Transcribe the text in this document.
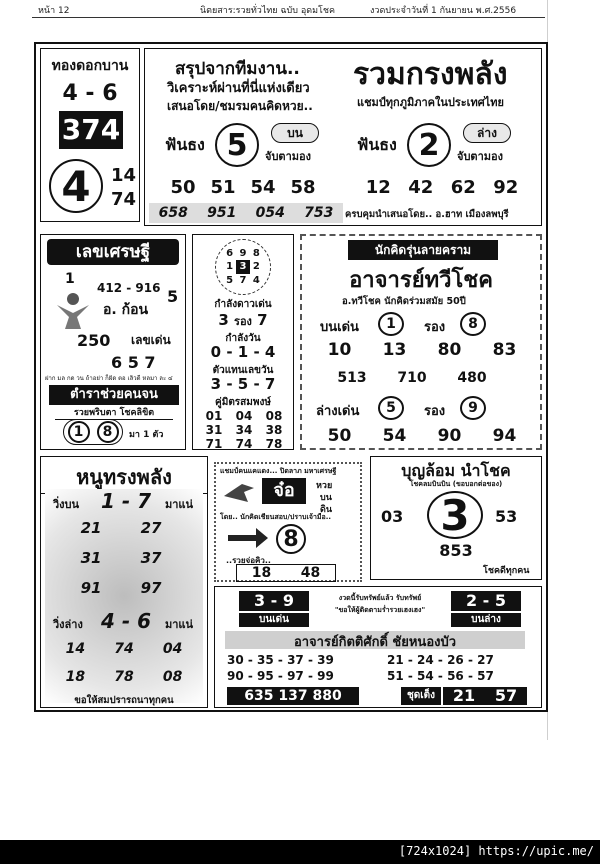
หน้า 12	นิตยสาร:รวยทั่วไทย ฉบับ อุดมโชค	งวดประจำวันที่ 1 กันยายน พ.ศ.2556
ทองดอกบาน
4 - 6
374
4	14
74
สรุปจากทีมงาน..
วิเคราะห์ผ่านที่นี่แห่งเดียว
เสนอโดย/ชมรมคนคิดหวย..
รวมกรงพลัง
แชมป์ทุกภูมิภาคในประเทศไทย
ฟันธง 5	บน
จับตามอง
ฟันธง 2	ล่าง
จับตามอง
50 51 54 58	12 42 62 92
658 951 054 753 ครบคุมนำเสนอโดย.. อ.ฮาท เมืองลพบุรี
เลขเศรษฐี
1
412 - 916 5
อ. ก้อน
250 เลขเด่น
6 5 7
ฝาก มล กด วน ถ้าอย่า ก็ฝัด ตอ เลิวดี หลมา ละ ๔
ตำราช่วยคนจน
รวยพริบตา โชคลิขิต
1	8	มา 1 ตัว
6 9 8
1 3 2
5 7 4
กำลังดาวเด่น
3 รอง 7
กำลังวัน
0 - 1 - 4
ตัวแทนเลขวัน
3 - 5 - 7
คู่มิตรสมพงษ์
01	04	08
31	34	38
71	74	78
นักคิดรุ่นลายคราม
อาจารย์ทวีโชค
อ.ทวีโชค นักคิดร่วมสมัย 50ปี
บนเด่น	1	รอง	8
10 13 80 83
513 710 480
ล่างเด่น	5	รอง	9
50 54 90 94
หนูทรงพลัง
วิ่งบน 1 - 7 มาแน่
21	27
31	37
91	97
วิ่งล่าง 4 - 6 มาแน่
14 74 04
18 78 08
ขอให้สมปรารถนาทุกคน
แชมป์คนแคแดง... ปิดลาภ มหาเศรษฐี
จ๋อ	หวย
บน
ดิน
โดย.. นักคิดเชียนสอบ/ปราบเจ้ามือ..
8
..รวยจ่อคิว..
18 48
บุญล้อม นำโชค
โชคลมบินบิน (ขอบอกต่อของ)
03 3	53
853
โชคดีทุกคน
3 - 9
บนเด่น
งวดนี้รับทรัพย์แล้ว รับทรัพย์
"ขอให้ผู้ติดตามร่ำรวยเฮงเฮง"	2 - 5
บนล่าง
อาจารย์กิตติศักดิ์ ชัยหนองบัว
30 - 35 - 37 - 39
90 - 95 - 97 - 99
21 - 24 - 26 - 27
51 - 54 - 56 - 57
635 137 880	ชุดเต็ง	21 57
[724x1024] https://upic.me/
